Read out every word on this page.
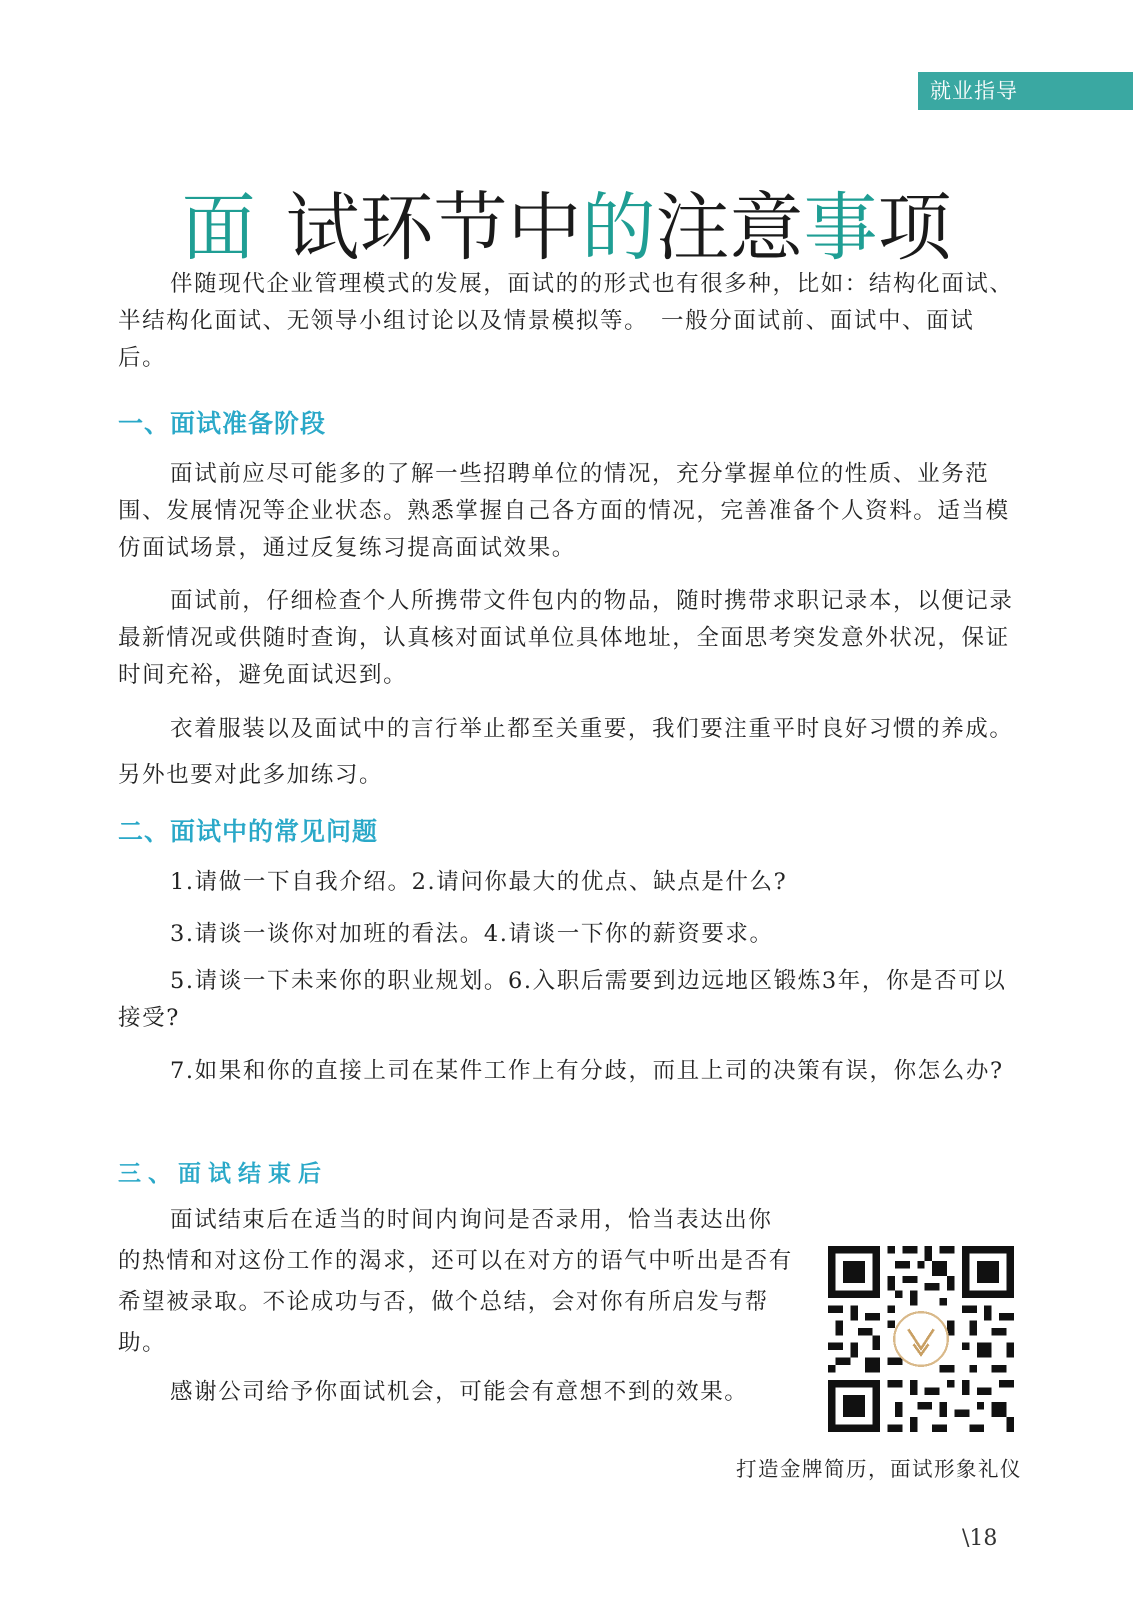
就业指导
面 试环节中的注意事项

伴随现代企业管理模式的发展，面试的的形式也有很多种，比如：结构化面试、半结构化面试、无领导小组讨论以及情景模拟等。　一般分面试前、面试中、面试后。

一、面试准备阶段

面试前应尽可能多的了解一些招聘单位的情况，充分掌握单位的性质、业务范围、发展情况等企业状态。熟悉掌握自己各方面的情况，完善准备个人资料。适当模仿面试场景，通过反复练习提高面试效果。

面试前，仔细检查个人所携带文件包内的物品，随时携带求职记录本，以便记录最新情况或供随时查询，认真核对面试单位具体地址，全面思考突发意外状况，保证时间充裕，避免面试迟到。

衣着服装以及面试中的言行举止都至关重要，我们要注重平时良好习惯的养成。另外也要对此多加练习。

二、面试中的常见问题

1.请做一下自我介绍。2.请问你最大的优点、缺点是什么?

3.请谈一谈你对加班的看法。4.请谈一下你的薪资要求。

5.请谈一下未来你的职业规划。6.入职后需要到边远地区锻炼3年，你是否可以接受?

7.如果和你的直接上司在某件工作上有分歧，而且上司的决策有误，你怎么办?

三、面试结束后

面试结束后在适当的时间内询问是否录用，恰当表达出你的热情和对这份工作的渴求，还可以在对方的语气中听出是否有希望被录取。不论成功与否，做个总结，会对你有所启发与帮助。

感谢公司给予你面试机会，可能会有意想不到的效果。

打造金牌简历，面试形象礼仪
\18
